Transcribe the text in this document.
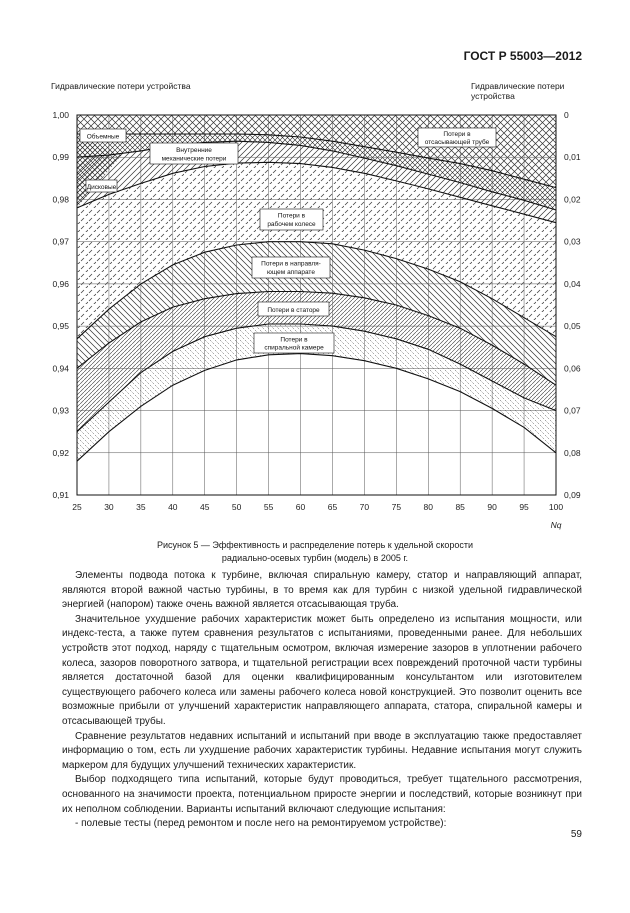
ГОСТ Р 55003—2012
Гидравлические потери устройства	Гидравлические потери устройства
25	30	35	40	45	50	55	60	65	70	75	80	85	90	95 100
Nq
1,00
0,99
0,98
0,97
0,96
0,95
0,94
0,93
0,92
0,91
0
0,01
0,02
0,03
0,04
0,05
0,06
0,07
0,08
0,09
Объемные
Внутренние
механические потери
Дисковые
Потери в
отсасывающей трубе
Потери в
рабочем колесе
Потери в направля-
ющем аппарате
Потери в статоре
Потери в
спиральной камере
Рисунок 5 — Эффективность и распределение потерь к удельной скорости
радиально-осевых турбин (модель) в 2005 г.

Элементы подвода потока к турбине, включая спиральную камеру, статор и направляющий аппарат, являются второй важной частью турбины, в то время как для турбин с низкой удельной гидравлической энергией (напором) также очень важной является отсасывающая труба.

Значительное ухудшение рабочих характеристик может быть определено из испытания мощности, или индекс-теста, а также путем сравнения результатов с испытаниями, проведенными ранее. Для небольших устройств этот подход, наряду с тщательным осмотром, включая измерение зазоров в уплотнении рабочего колеса, зазоров поворотного затвора, и тщательной регистрации всех повреждений проточной части турбины является достаточной базой для оценки квалифицированным консультантом или изготовителем существующего рабочего колеса или замены рабочего колеса новой конструкцией. Это позволит оценить все возможные прибыли от улучшений характеристик направляющего аппарата, статора, спиральной камеры и отсасывающей трубы.

Сравнение результатов недавних испытаний и испытаний при вводе в эксплуатацию также предоставляет информацию о том, есть ли ухудшение рабочих характеристик турбины. Недавние испытания могут служить маркером для будущих улучшений технических характеристик.

Выбор подходящего типа испытаний, которые будут проводиться, требует тщательного рассмотрения, основанного на значимости проекта, потенциальном приросте энергии и последствий, которые возникнут при их неполном соблюдении. Варианты испытаний включают следующие испытания:

- полевые тесты (перед ремонтом и после него на ремонтируемом устройстве):

59
